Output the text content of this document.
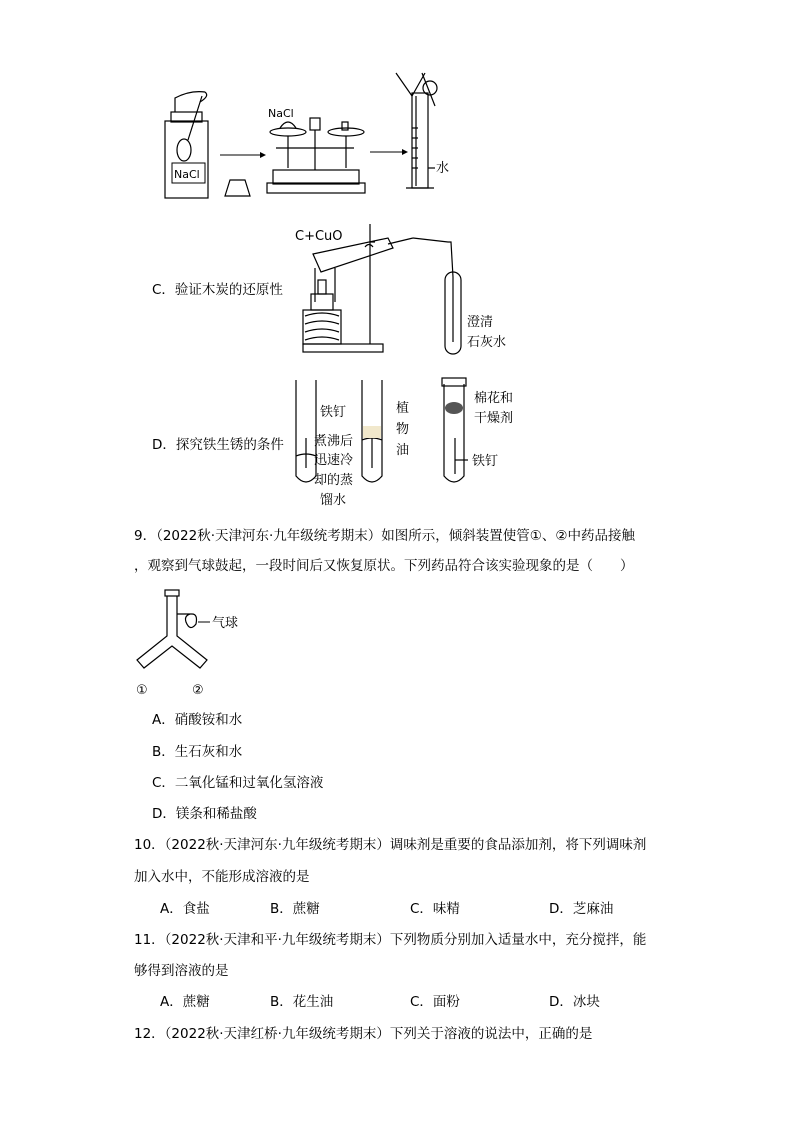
NaCl
NaCl
水
C．验证木炭的还原性
C+CuO
澄清
石灰水
D．探究铁生锈的条件
铁钉
煮沸后
迅速冷
却的蒸
馏水
植
物
油
棉花和
干燥剂
铁钉
9．（2022秋·天津河东·九年级统考期末）如图所示，倾斜装置使管①、②中药品接触
，观察到气球鼓起，一段时间后又恢复原状。下列药品符合该实验现象的是（　　）
气球
①	②
A．硝酸铵和水
B．生石灰和水
C．二氧化锰和过氧化氢溶液
D．镁条和稀盐酸
10．（2022秋·天津河东·九年级统考期末）调味剂是重要的食品添加剂，将下列调味剂
加入水中，不能形成溶液的是
A．食盐	B．蔗糖	C．味精	D．芝麻油
11．（2022秋·天津和平·九年级统考期末）下列物质分别加入适量水中，充分搅拌，能
够得到溶液的是
A．蔗糖	B．花生油	C．面粉	D．冰块
12．（2022秋·天津红桥·九年级统考期末）下列关于溶液的说法中，正确的是
